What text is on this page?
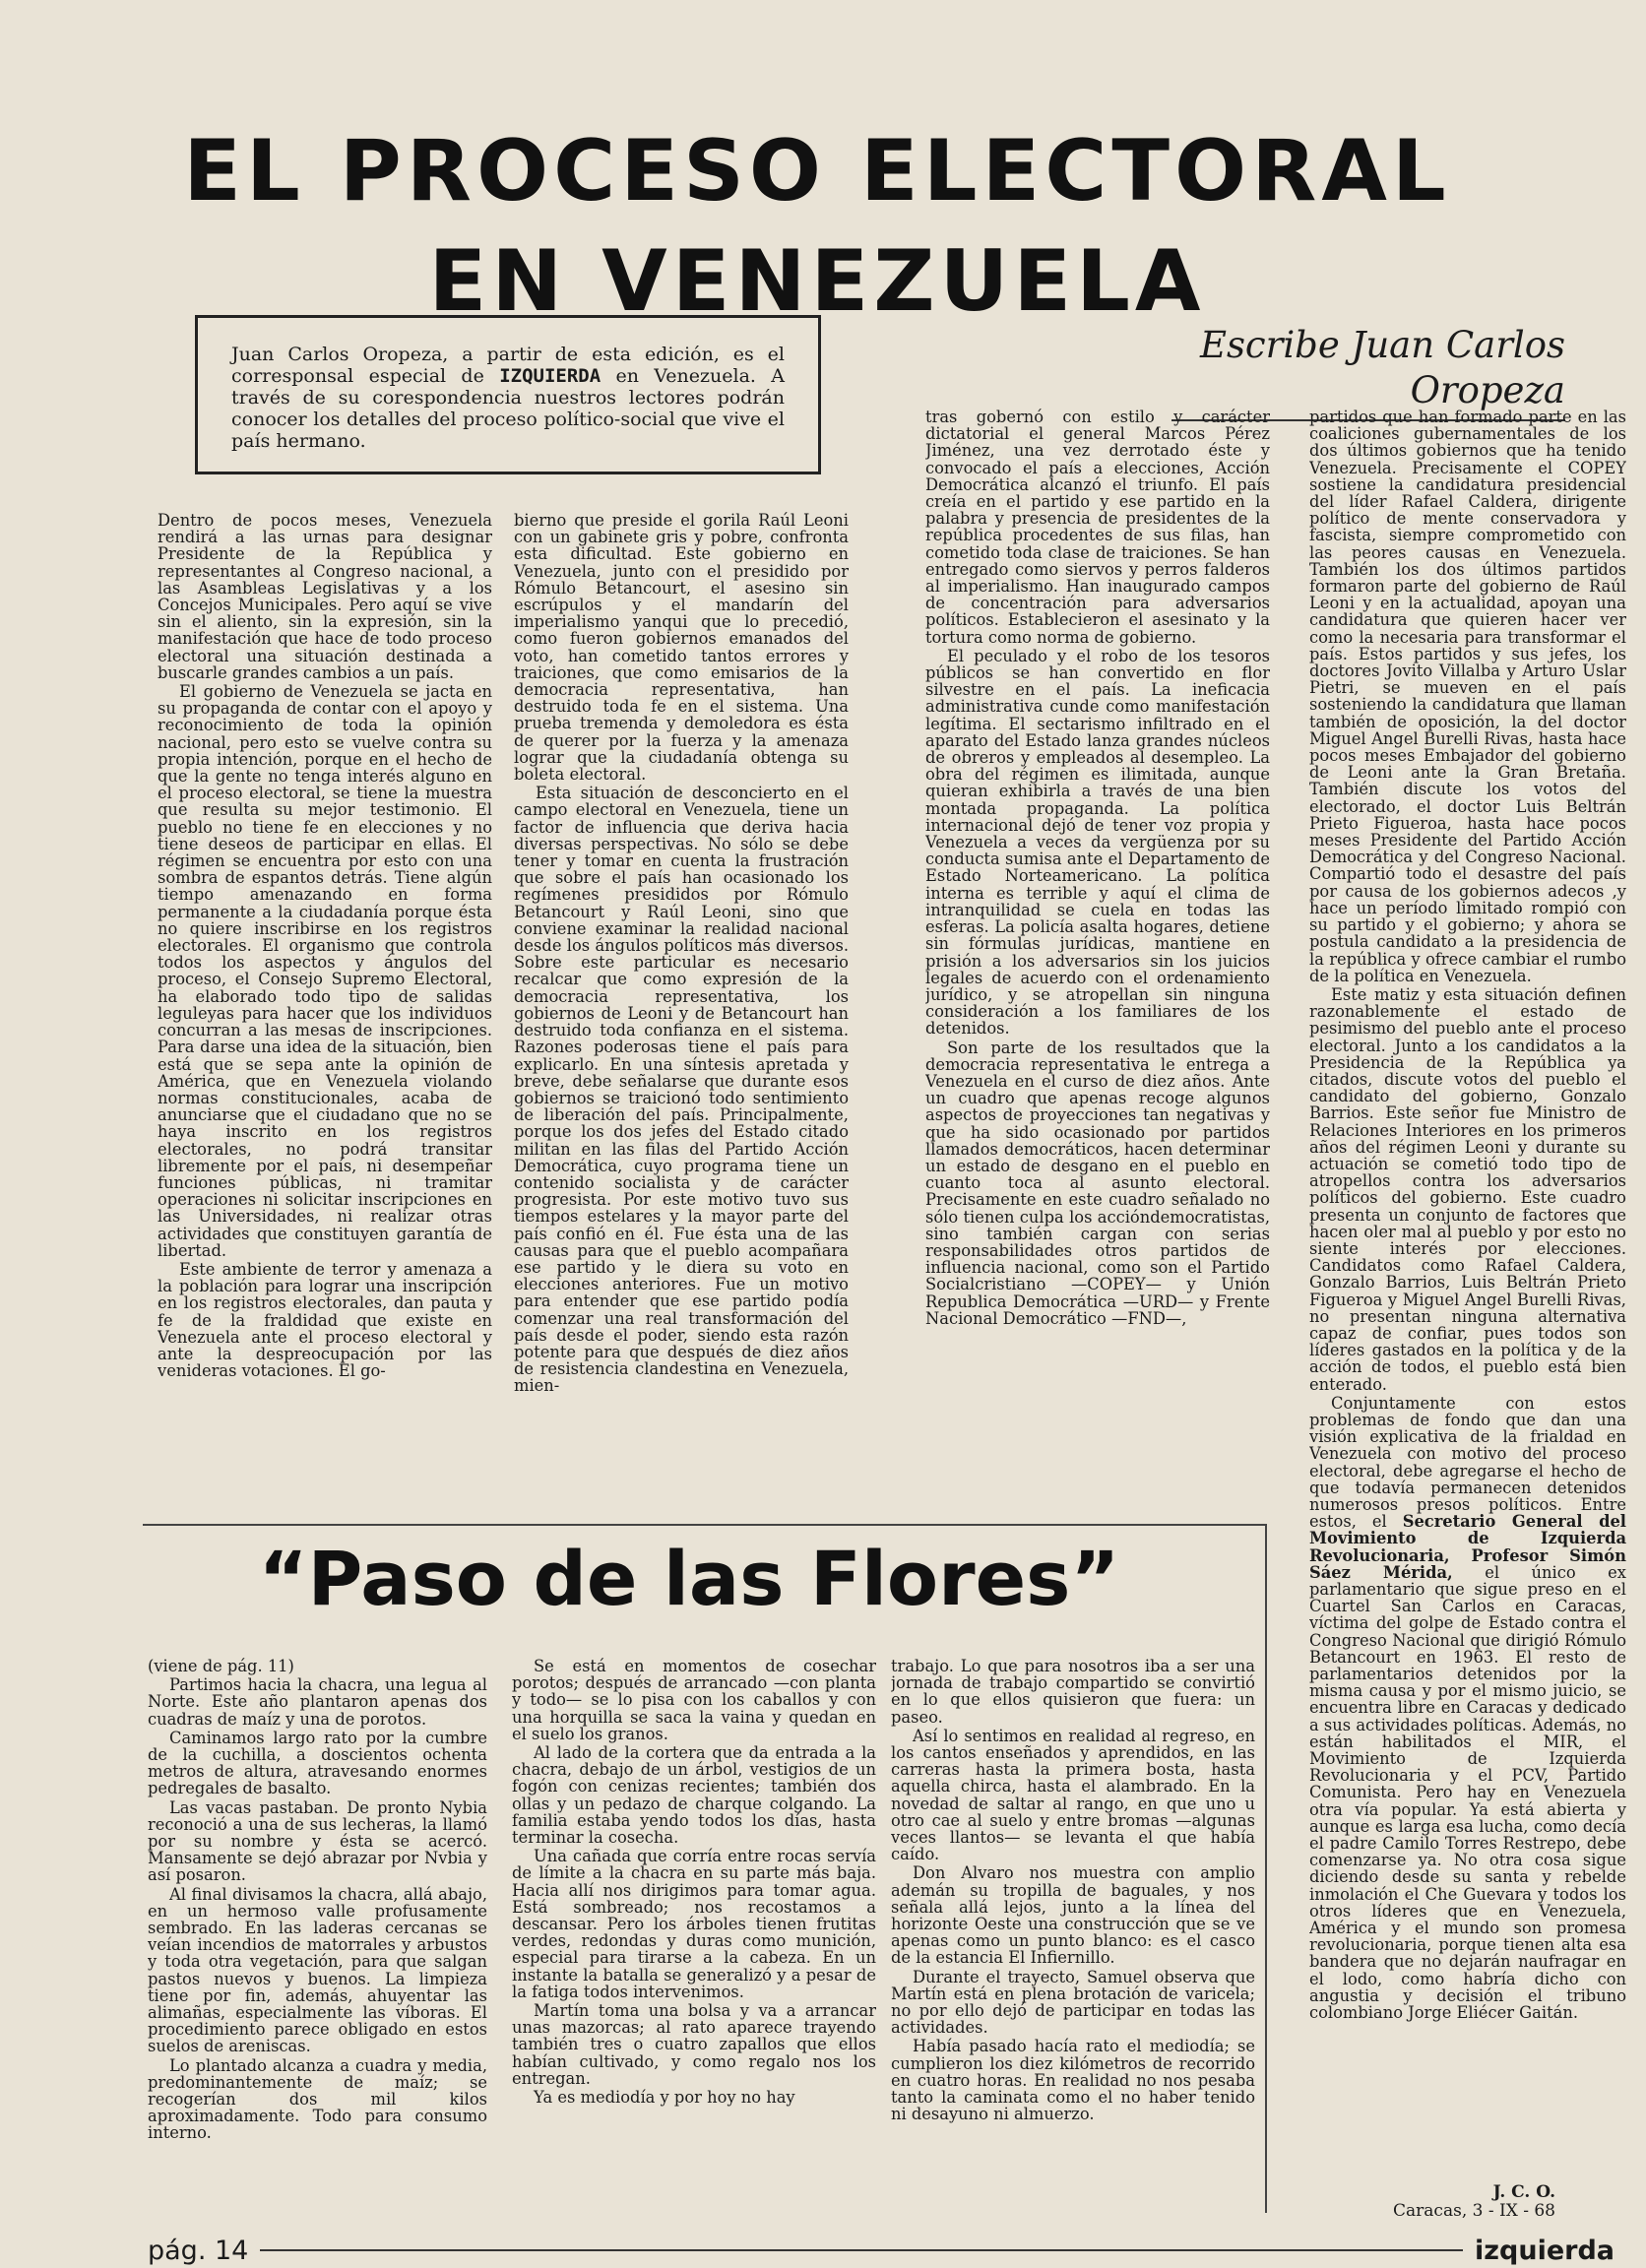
EL PROCESO ELECTORAL
EN VENEZUELA
Juan Carlos Oropeza, a partir de esta edición, es el corresponsal especial de IZQUIERDA en Venezuela. A través de su corespondencia nuestros lectores podrán conocer los detalles del proceso político-social que vive el país hermano.
Escribe Juan Carlos Oropeza

Dentro de pocos meses, Venezuela rendirá a las urnas para designar Presidente de la República y representantes al Congreso nacional, a las Asambleas Legislativas y a los Concejos Municipales. Pero aquí se vive sin el aliento, sin la expresión, sin la manifestación que hace de todo proceso electoral una situación destinada a buscarle grandes cambios a un país.

El gobierno de Venezuela se jacta en su propaganda de contar con el apoyo y reconocimiento de toda la opinión nacional, pero esto se vuelve contra su propia intención, porque en el hecho de que la gente no tenga interés alguno en el proceso electoral, se tiene la muestra que resulta su mejor testimonio. El pueblo no tiene fe en elecciones y no tiene deseos de participar en ellas. El régimen se encuentra por esto con una sombra de espantos detrás. Tiene algún tiempo amenazando en forma permanente a la ciudadanía porque ésta no quiere inscribirse en los registros electorales. El organismo que controla todos los aspectos y ángulos del proceso, el Consejo Supremo Electoral, ha elaborado todo tipo de salidas leguleyas para hacer que los individuos concurran a las mesas de inscripciones. Para darse una idea de la situación, bien está que se sepa ante la opinión de América, que en Venezuela violando normas constitucionales, acaba de anunciarse que el ciudadano que no se haya inscrito en los registros electorales, no podrá transitar libremente por el país, ni desempeñar funciones públicas, ni tramitar operaciones ni solicitar inscripciones en las Universidades, ni realizar otras actividades que constituyen garantía de libertad.

Este ambiente de terror y amenaza a la población para lograr una inscripción en los registros electorales, dan pauta y fe de la fraldidad que existe en Venezuela ante el proceso electoral y ante la despreocupación por las venideras votaciones. El go-

bierno que preside el gorila Raúl Leoni con un gabinete gris y pobre, confronta esta dificultad. Este gobierno en Venezuela, junto con el presidido por Rómulo Betancourt, el asesino sin escrúpulos y el mandarín del imperialismo yanqui que lo precedió, como fueron gobiernos emanados del voto, han cometido tantos errores y traiciones, que como emisarios de la democracia representativa, han destruido toda fe en el sistema. Una prueba tremenda y demoledora es ésta de querer por la fuerza y la amenaza lograr que la ciudadanía obtenga su boleta electoral.

Esta situación de desconcierto en el campo electoral en Venezuela, tiene un factor de influencia que deriva hacia diversas perspectivas. No sólo se debe tener y tomar en cuenta la frustración que sobre el país han ocasionado los regímenes presididos por Rómulo Betancourt y Raúl Leoni, sino que conviene examinar la realidad nacional desde los ángulos políticos más diversos. Sobre este particular es necesario recalcar que como expresión de la democracia representativa, los gobiernos de Leoni y de Betancourt han destruido toda confianza en el sistema. Razones poderosas tiene el país para explicarlo. En una síntesis apretada y breve, debe señalarse que durante esos gobiernos se traicionó todo sentimiento de liberación del país. Principalmente, porque los dos jefes del Estado citado militan en las filas del Partido Acción Democrática, cuyo programa tiene un contenido socialista y de carácter progresista. Por este motivo tuvo sus tiempos estelares y la mayor parte del país confió en él. Fue ésta una de las causas para que el pueblo acompañara ese partido y le diera su voto en elecciones anteriores. Fue un motivo para entender que ese partido podía comenzar una real transformación del país desde el poder, siendo esta razón potente para que después de diez años de resistencia clandestina en Venezuela, mien-

tras gobernó con estilo y carácter dictatorial el general Marcos Pérez Jiménez, una vez derrotado éste y convocado el país a elecciones, Acción Democrática alcanzó el triunfo. El país creía en el partido y ese partido en la palabra y presencia de presidentes de la república procedentes de sus filas, han cometido toda clase de traiciones. Se han entregado como siervos y perros falderos al imperialismo. Han inaugurado campos de concentración para adversarios políticos. Establecieron el asesinato y la tortura como norma de gobierno.

El peculado y el robo de los tesoros públicos se han convertido en flor silvestre en el país. La ineficacia administrativa cunde como manifestación legítima. El sectarismo infiltrado en el aparato del Estado lanza grandes núcleos de obreros y empleados al desempleo. La obra del régimen es ilimitada, aunque quieran exhibirla a través de una bien montada propaganda. La política internacional dejó de tener voz propia y Venezuela a veces da vergüenza por su conducta sumisa ante el Departamento de Estado Norteamericano. La política interna es terrible y aquí el clima de intranquilidad se cuela en todas las esferas. La policía asalta hogares, detiene sin fórmulas jurídicas, mantiene en prisión a los adversarios sin los juicios legales de acuerdo con el ordenamiento jurídico, y se atropellan sin ninguna consideración a los familiares de los detenidos.

Son parte de los resultados que la democracia representativa le entrega a Venezuela en el curso de diez años. Ante un cuadro que apenas recoge algunos aspectos de proyecciones tan negativas y que ha sido ocasionado por partidos llamados democráticos, hacen determinar un estado de desgano en el pueblo en cuanto toca al asunto electoral. Precisamente en este cuadro señalado no sólo tienen culpa los accióndemocratistas, sino también cargan con serias responsabilidades otros partidos de influencia nacional, como son el Partido Socialcristiano —COPEY— y Unión Republica Democrática —URD— y Frente Nacional Democrático —FND—,

partidos que han formado parte en las coaliciones gubernamentales de los dos últimos gobiernos que ha tenido Venezuela. Precisamente el COPEY sostiene la candidatura presidencial del líder Rafael Caldera, dirigente político de mente conservadora y fascista, siempre comprometido con las peores causas en Venezuela. También los dos últimos partidos formaron parte del gobierno de Raúl Leoni y en la actualidad, apoyan una candidatura que quieren hacer ver como la necesaria para transformar el país. Estos partidos y sus jefes, los doctores Jovito Villalba y Arturo Uslar Pietri, se mueven en el país sosteniendo la candidatura que llaman también de oposición, la del doctor Miguel Angel Burelli Rivas, hasta hace pocos meses Embajador del gobierno de Leoni ante la Gran Bretaña. También discute los votos del electorado, el doctor Luis Beltrán Prieto Figueroa, hasta hace pocos meses Presidente del Partido Acción Democrática y del Congreso Nacional. Compartió todo el desastre del país por causa de los gobiernos adecos ,y hace un período limitado rompió con su partido y el gobierno; y ahora se postula candidato a la presidencia de la república y ofrece cambiar el rumbo de la política en Venezuela.

Este matiz y esta situación definen razonablemente el estado de pesimismo del pueblo ante el proceso electoral. Junto a los candidatos a la Presidencia de la República ya citados, discute votos del pueblo el candidato del gobierno, Gonzalo Barrios. Este señor fue Ministro de Relaciones Interiores en los primeros años del régimen Leoni y durante su actuación se cometió todo tipo de atropellos contra los adversarios políticos del gobierno. Este cuadro presenta un conjunto de factores que hacen oler mal al pueblo y por esto no siente interés por elecciones. Candidatos como Rafael Caldera, Gonzalo Barrios, Luis Beltrán Prieto Figueroa y Miguel Angel Burelli Rivas, no presentan ninguna alternativa capaz de confiar, pues todos son líderes gastados en la política y de la acción de todos, el pueblo está bien enterado.

Conjuntamente con estos problemas de fondo que dan una visión explicativa de la frialdad en Venezuela con motivo del proceso electoral, debe agregarse el hecho de que todavía permanecen detenidos numerosos presos políticos. Entre estos, el Secretario General del Movimiento de Izquierda Revolucionaria, Profesor Simón Sáez Mérida, el único ex parlamentario que sigue preso en el Cuartel San Carlos en Caracas, víctima del golpe de Estado contra el Congreso Nacional que dirigió Rómulo Betancourt en 1963. El resto de parlamentarios detenidos por la misma causa y por el mismo juicio, se encuentra libre en Caracas y dedicado a sus actividades políticas. Además, no están habilitados el MIR, el Movimiento de Izquierda Revolucionaria y el PCV, Partido Comunista. Pero hay en Venezuela otra vía popular. Ya está abierta y aunque es larga esa lucha, como decía el padre Camilo Torres Restrepo, debe comenzarse ya. No otra cosa sigue diciendo desde su santa y rebelde inmolación el Che Guevara y todos los otros líderes que en Venezuela, América y el mundo son promesa revolucionaria, porque tienen alta esa bandera que no dejarán naufragar en el lodo, como habría dicho con angustia y decisión el tribuno colombiano Jorge Eliécer Gaitán.

J. C. O.
Caracas, 3 - IX - 68
“Paso de las Flores”

(viene de pág. 11)

Partimos hacia la chacra, una legua al Norte. Este año plantaron apenas dos cuadras de maíz y una de porotos.

Caminamos largo rato por la cumbre de la cuchilla, a doscientos ochenta metros de altura, atravesando enormes pedregales de basalto.

Las vacas pastaban. De pronto Nybia reconoció a una de sus lecheras, la llamó por su nombre y ésta se acercó. Mansamente se dejó abrazar por Nvbia y así posaron.

Al final divisamos la chacra, allá abajo, en un hermoso valle profusamente sembrado. En las laderas cercanas se veían incendios de matorrales y arbustos y toda otra vegetación, para que salgan pastos nuevos y buenos. La limpieza tiene por fin, además, ahuyentar las alimañas, especialmente las víboras. El procedimiento parece obligado en estos suelos de areniscas.

Lo plantado alcanza a cuadra y media, predominantemente de maíz; se recogerían dos mil kilos aproximadamente. Todo para consumo interno.

Se está en momentos de cosechar porotos; después de arrancado —con planta y todo— se lo pisa con los caballos y con una horquilla se saca la vaina y quedan en el suelo los granos.

Al lado de la cortera que da entrada a la chacra, debajo de un árbol, vestigios de un fogón con cenizas recientes; también dos ollas y un pedazo de charque colgando. La familia estaba yendo todos los días, hasta terminar la cosecha.

Una cañada que corría entre rocas servía de límite a la chacra en su parte más baja. Hacia allí nos dirigimos para tomar agua. Está sombreado; nos recostamos a descansar. Pero los árboles tienen frutitas verdes, redondas y duras como munición, especial para tirarse a la cabeza. En un instante la batalla se generalizó y a pesar de la fatiga todos intervenimos.

Martín toma una bolsa y va a arrancar unas mazorcas; al rato aparece trayendo también tres o cuatro zapallos que ellos habían cultivado, y como regalo nos los entregan.

Ya es mediodía y por hoy no hay

trabajo. Lo que para nosotros iba a ser una jornada de trabajo compartido se convirtió en lo que ellos quisieron que fuera: un paseo.

Así lo sentimos en realidad al regreso, en los cantos enseñados y aprendidos, en las carreras hasta la primera bosta, hasta aquella chirca, hasta el alambrado. En la novedad de saltar al rango, en que uno u otro cae al suelo y entre bromas —algunas veces llantos— se levanta el que había caído.

Don Alvaro nos muestra con amplio ademán su tropilla de baguales, y nos señala allá lejos, junto a la línea del horizonte Oeste una construcción que se ve apenas como un punto blanco: es el casco de la estancia El Infiernillo.

Durante el trayecto, Samuel observa que Martín está en plena brotación de varicela; no por ello dejó de participar en todas las actividades.

Había pasado hacía rato el mediodía; se cumplieron los diez kilómetros de recorrido en cuatro horas. En realidad no nos pesaba tanto la caminata como el no haber tenido ni desayuno ni almuerzo.

pág. 14	izquierda
